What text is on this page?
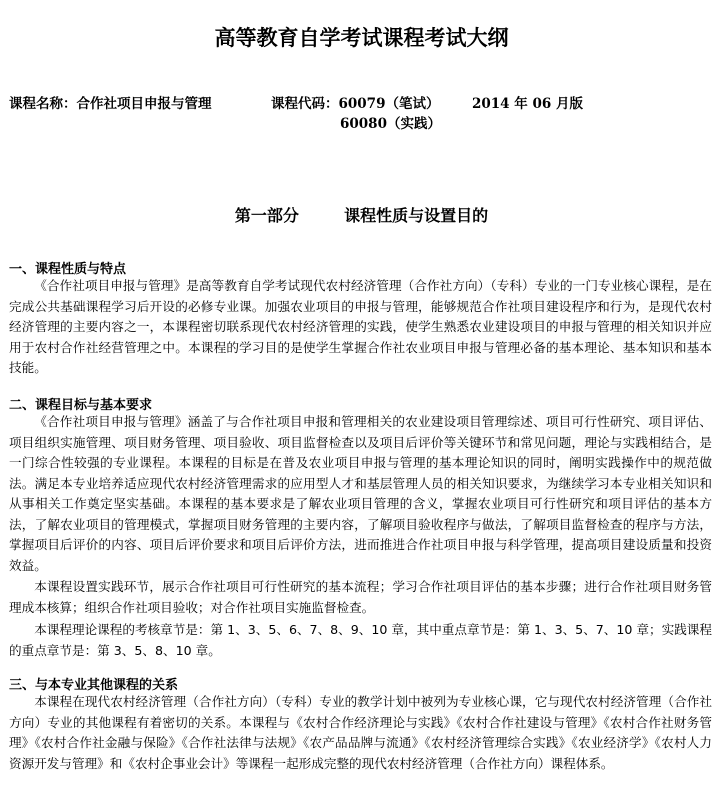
高等教育自学考试课程考试大纲
课程名称：合作社项目申报与管理	课程代码：60079（笔试） 2014 年 06 月版
60080（实践）
第一部分	课程性质与设置目的
一、课程性质与特点

《合作社项目申报与管理》是高等教育自学考试现代农村经济管理（合作社方向）（专科）专业的一门专业核心课程，是在完成公共基础课程学习后开设的必修专业课。加强农业项目的申报与管理，能够规范合作社项目建设程序和行为，是现代农村经济管理的主要内容之一，本课程密切联系现代农村经济管理的实践，使学生熟悉农业建设项目的申报与管理的相关知识并应用于农村合作社经营管理之中。本课程的学习目的是使学生掌握合作社农业项目申报与管理必备的基本理论、基本知识和基本技能。

二、课程目标与基本要求

《合作社项目申报与管理》涵盖了与合作社项目申报和管理相关的农业建设项目管理综述、项目可行性研究、项目评估、项目组织实施管理、项目财务管理、项目验收、项目监督检查以及项目后评价等关键环节和常见问题，理论与实践相结合，是一门综合性较强的专业课程。本课程的目标是在普及农业项目申报与管理的基本理论知识的同时，阐明实践操作中的规范做法。满足本专业培养适应现代农村经济管理需求的应用型人才和基层管理人员的相关知识要求，为继续学习本专业相关知识和从事相关工作奠定坚实基础。本课程的基本要求是了解农业项目管理的含义，掌握农业项目可行性研究和项目评估的基本方法，了解农业项目的管理模式，掌握项目财务管理的主要内容，了解项目验收程序与做法，了解项目监督检查的程序与方法，掌握项目后评价的内容、项目后评价要求和项目后评价方法，进而推进合作社项目申报与科学管理，提高项目建设质量和投资效益。

本课程设置实践环节，展示合作社项目可行性研究的基本流程；学习合作社项目评估的基本步骤；进行合作社项目财务管理成本核算；组织合作社项目验收；对合作社项目实施监督检查。

本课程理论课程的考核章节是：第 1、3、5、6、7、8、9、10 章，其中重点章节是：第 1、3、5、7、10 章；实践课程的重点章节是：第 3、5、8、10 章。

三、与本专业其他课程的关系

本课程在现代农村经济管理（合作社方向）（专科）专业的教学计划中被列为专业核心课，它与现代农村经济管理（合作社方向）专业的其他课程有着密切的关系。本课程与《农村合作经济理论与实践》《农村合作社建设与管理》《农村合作社财务管理》《农村合作社金融与保险》《合作社法律与法规》《农产品品牌与流通》《农村经济管理综合实践》《农业经济学》《农村人力资源开发与管理》和《农村企事业会计》等课程一起形成完整的现代农村经济管理（合作社方向）课程体系。
